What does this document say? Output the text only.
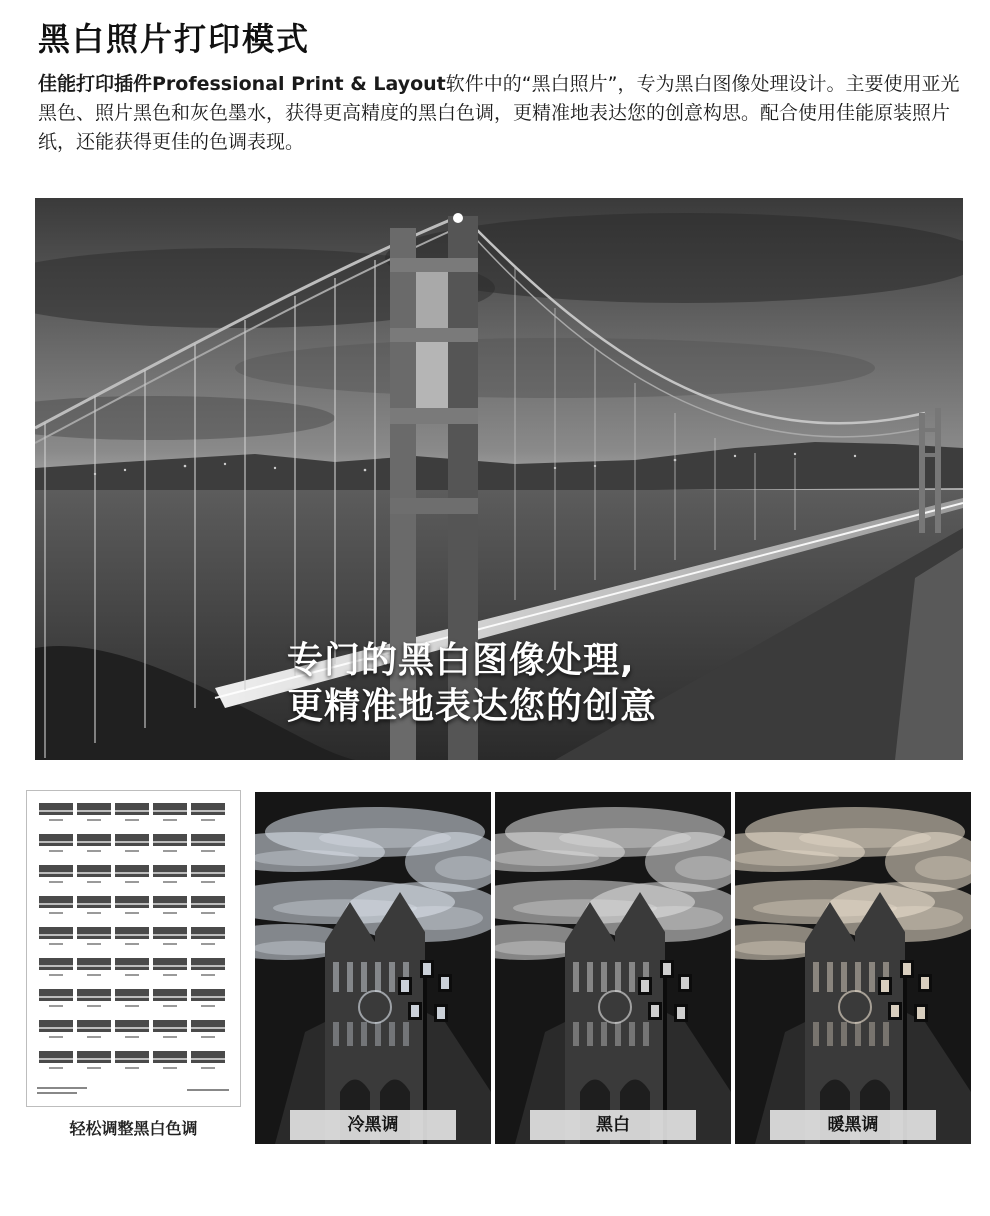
黑白照片打印模式
佳能打印插件Professional Print & Layout软件中的“黑白照片”，专为黑白图像处理设计。主要使用亚光黑色、照片黑色和灰色墨水，获得更高精度的黑白色调，更精准地表达您的创意构思。配合使用佳能原装照片纸，还能获得更佳的色调表现。
专门的黑白图像处理,
更精准地表达您的创意
轻松调整黑白色调	冷黑调	黑白	暖黑调
